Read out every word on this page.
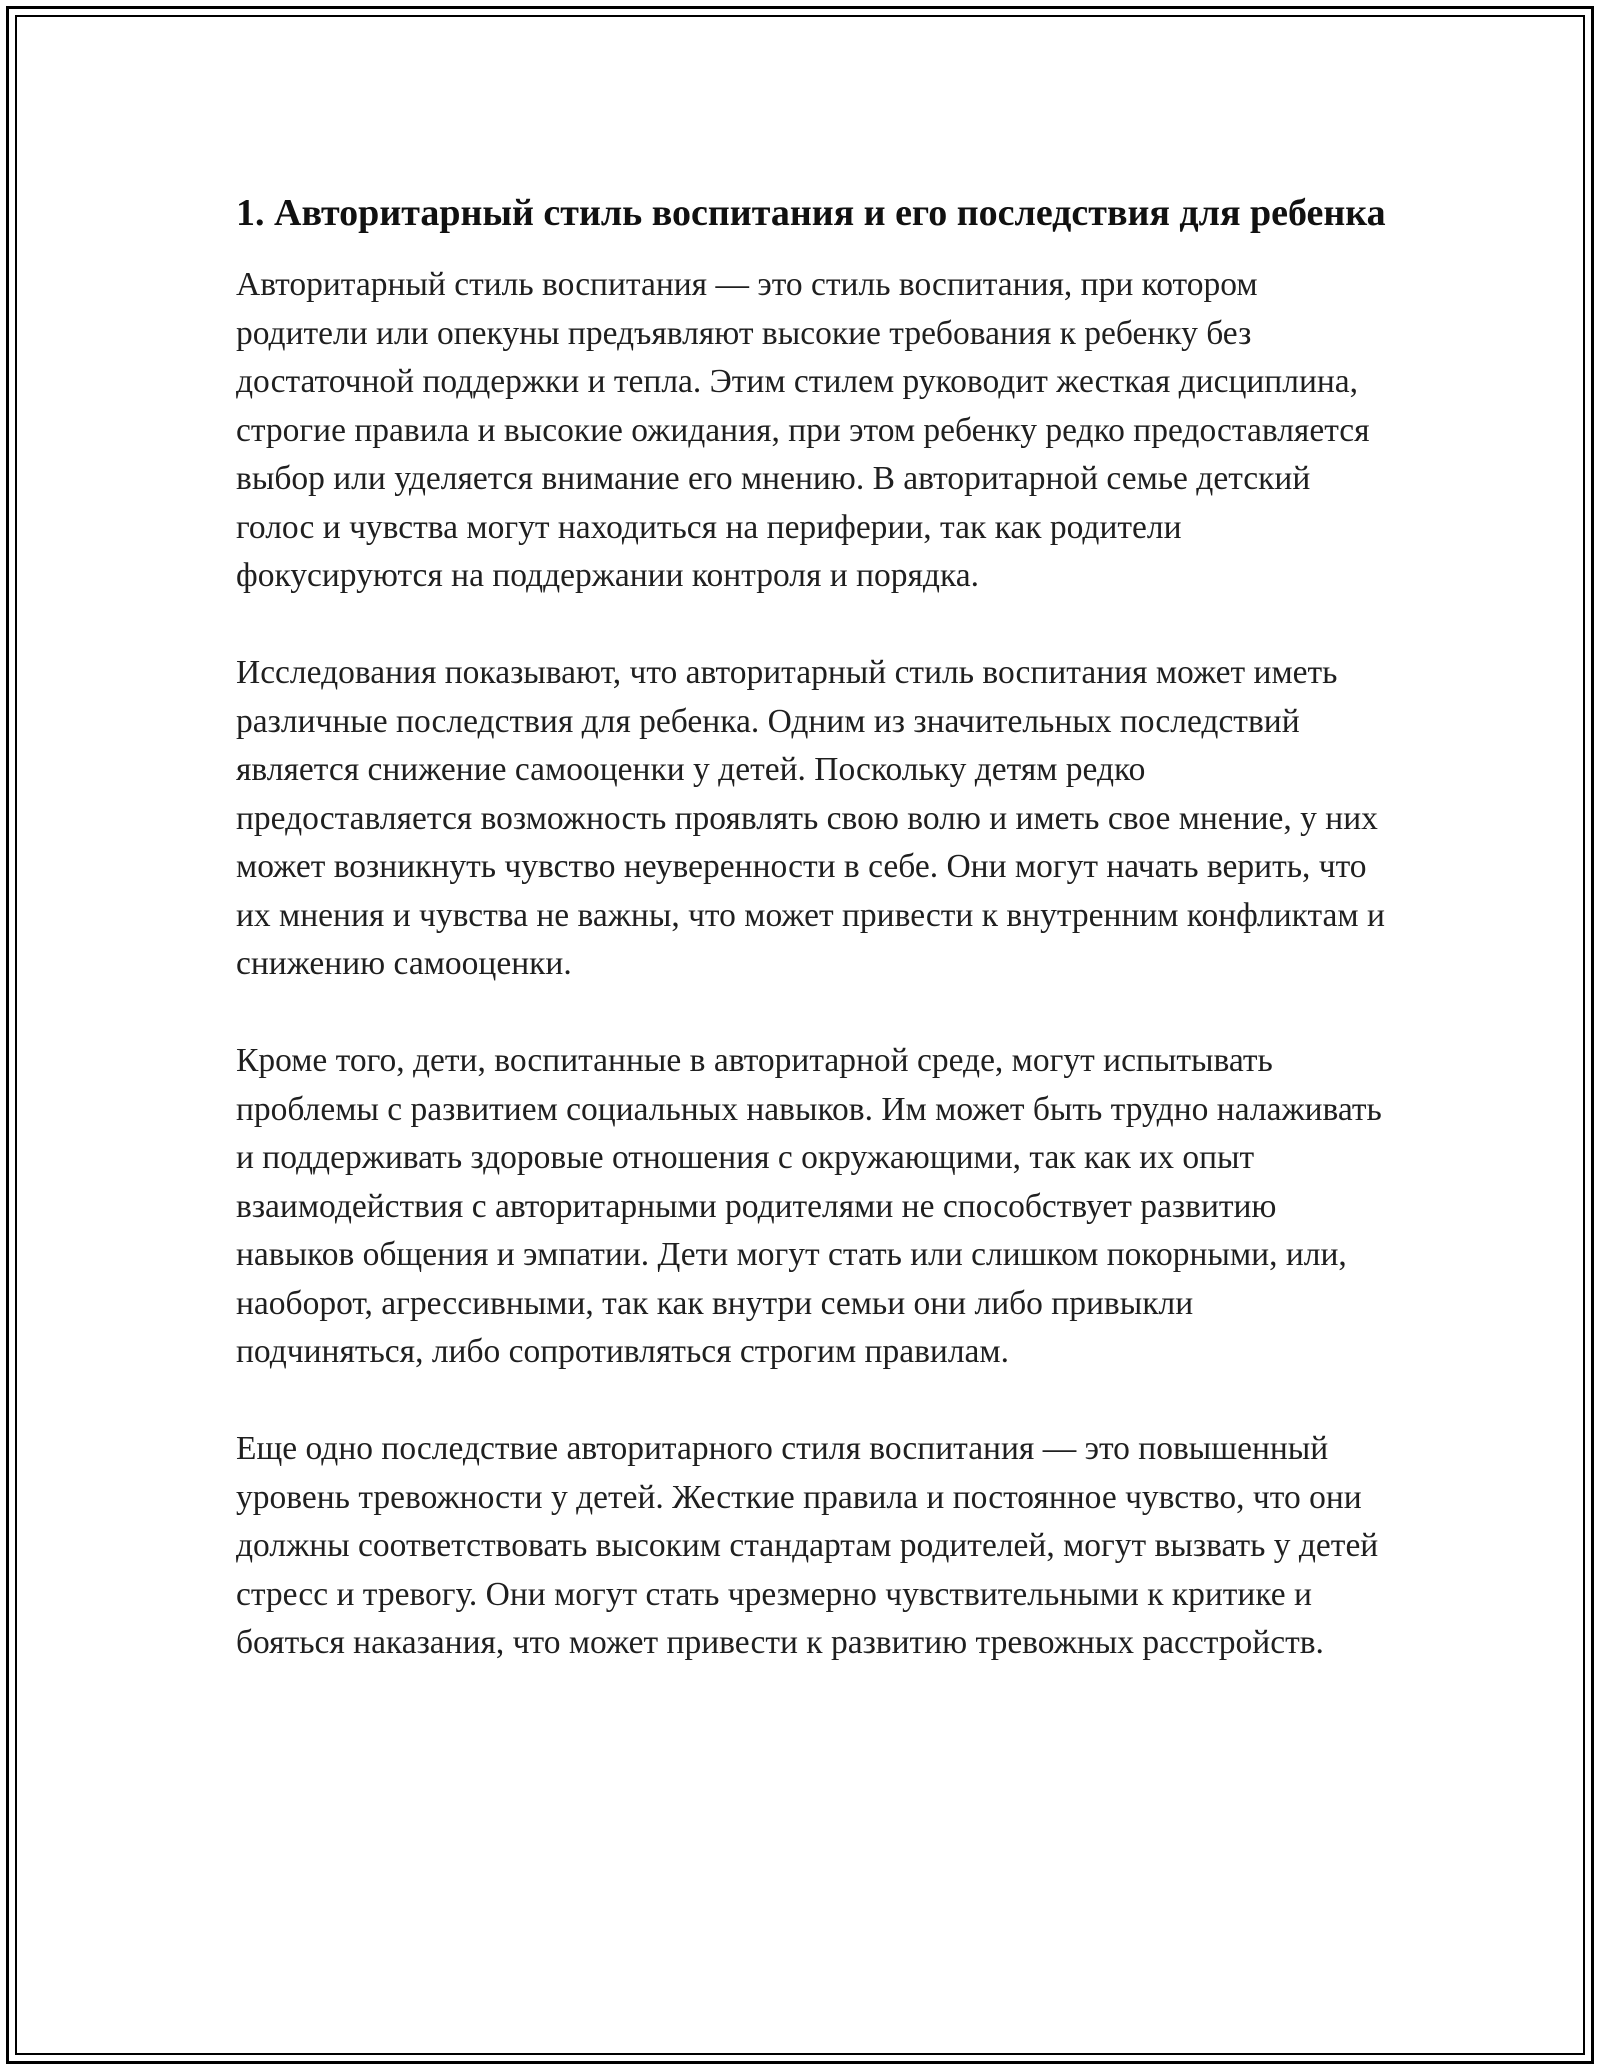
1. Авторитарный стиль воспитания и его последствия для ребенка

Авторитарный стиль воспитания — это стиль воспитания, при котором родители или опекуны предъявляют высокие требования к ребенку без достаточной поддержки и тепла. Этим стилем руководит жесткая дисциплина, строгие правила и высокие ожидания, при этом ребенку редко предоставляется выбор или уделяется внимание его мнению. В авторитарной семье детский голос и чувства могут находиться на периферии, так как родители фокусируются на поддержании контроля и порядка.

Исследования показывают, что авторитарный стиль воспитания может иметь различные последствия для ребенка. Одним из значительных последствий является снижение самооценки у детей. Поскольку детям редко предоставляется возможность проявлять свою волю и иметь свое мнение, у них может возникнуть чувство неуверенности в себе. Они могут начать верить, что их мнения и чувства не важны, что может привести к внутренним конфликтам и снижению самооценки.

Кроме того, дети, воспитанные в авторитарной среде, могут испытывать проблемы с развитием социальных навыков. Им может быть трудно налаживать и поддерживать здоровые отношения с окружающими, так как их опыт взаимодействия с авторитарными родителями не способствует развитию навыков общения и эмпатии. Дети могут стать или слишком покорными, или, наоборот, агрессивными, так как внутри семьи они либо привыкли подчиняться, либо сопротивляться строгим правилам.

Еще одно последствие авторитарного стиля воспитания — это повышенный уровень тревожности у детей. Жесткие правила и постоянное чувство, что они должны соответствовать высоким стандартам родителей, могут вызвать у детей стресс и тревогу. Они могут стать чрезмерно чувствительными к критике и бояться наказания, что может привести к развитию тревожных расстройств.
